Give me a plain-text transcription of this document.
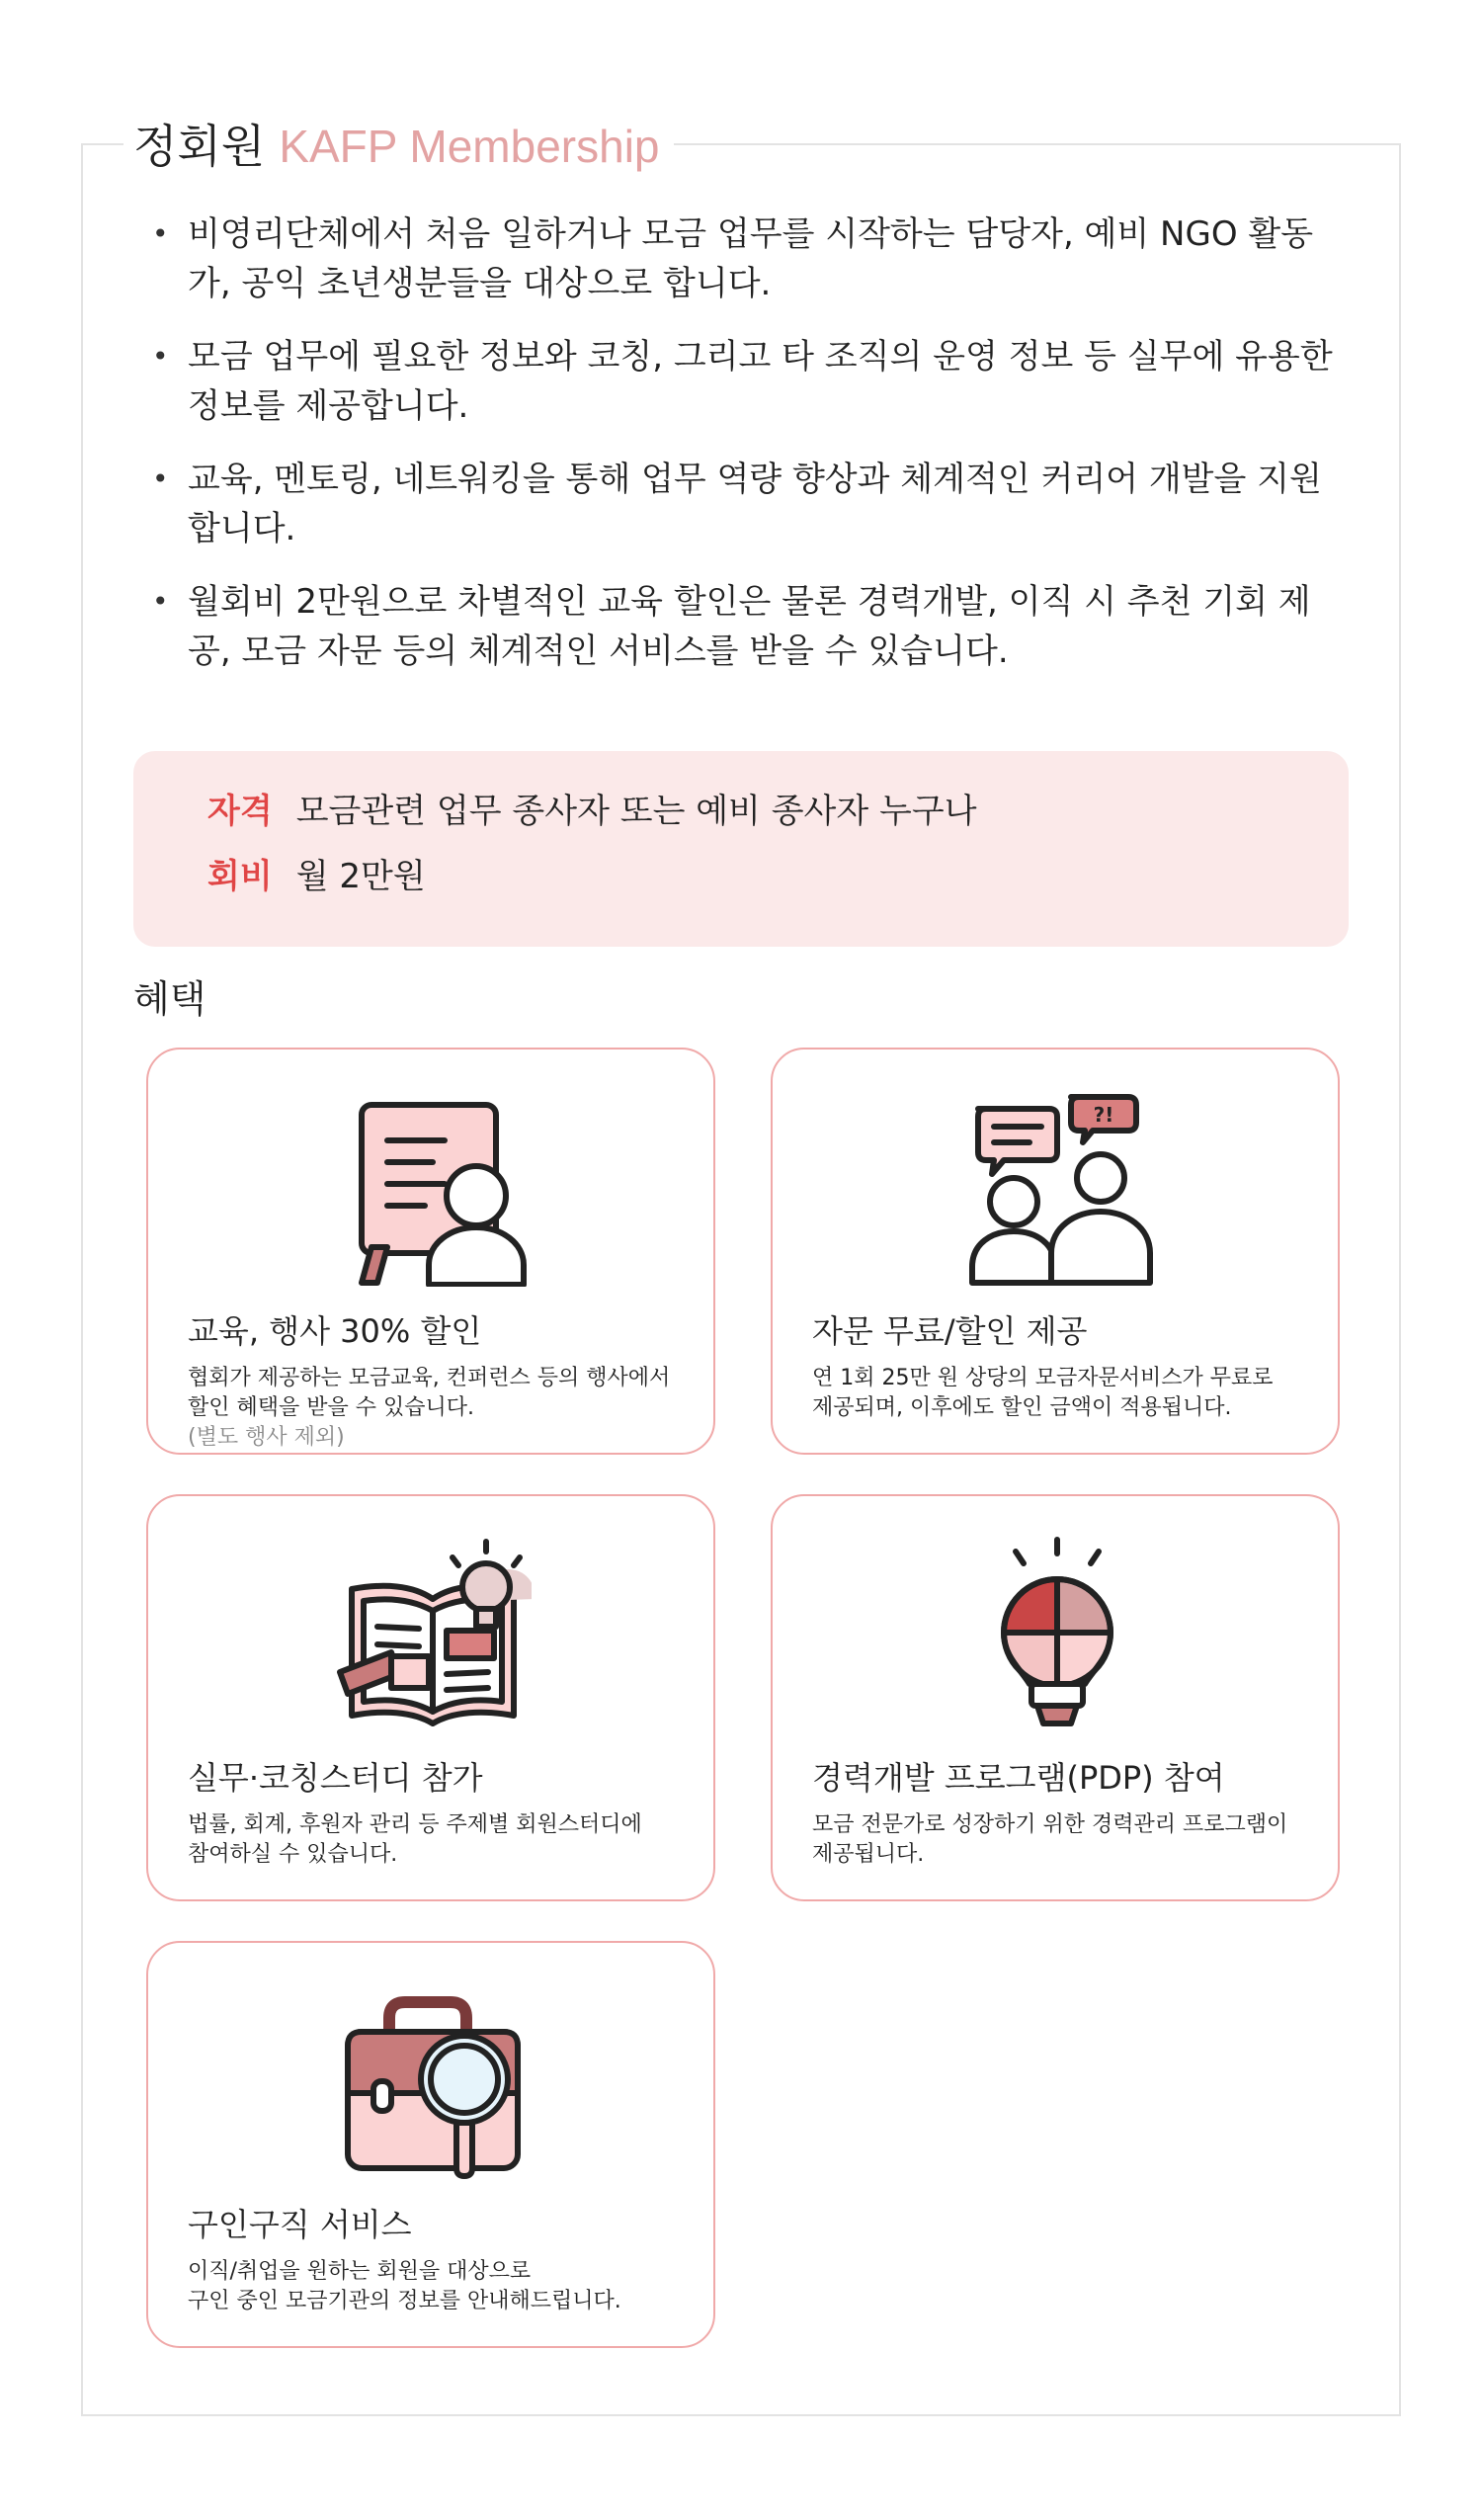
정회원 KAFP Membership
• 비영리단체에서 처음 일하거나 모금 업무를 시작하는 담당자, 예비 NGO 활동가, 공익 초년생분들을 대상으로 합니다.
• 모금 업무에 필요한 정보와 코칭, 그리고 타 조직의 운영 정보 등 실무에 유용한 정보를 제공합니다.
• 교육, 멘토링, 네트워킹을 통해 업무 역량 향상과 체계적인 커리어 개발을 지원합니다.
• 월회비 2만원으로 차별적인 교육 할인은 물론 경력개발, 이직 시 추천 기회 제공, 모금 자문 등의 체계적인 서비스를 받을 수 있습니다.
자격 모금관련 업무 종사자 또는 예비 종사자 누구나
회비 월 2만원
혜택
교육, 행사 30% 할인
협회가 제공하는 모금교육, 컨퍼런스 등의 행사에서
할인 혜택을 받을 수 있습니다.
(별도 행사 제외)
?!
자문 무료/할인 제공
연 1회 25만 원 상당의 모금자문서비스가 무료로
제공되며, 이후에도 할인 금액이 적용됩니다.
실무·코칭스터디 참가
법률, 회계, 후원자 관리 등 주제별 회원스터디에
참여하실 수 있습니다.
경력개발 프로그램(PDP) 참여
모금 전문가로 성장하기 위한 경력관리 프로그램이
제공됩니다.
구인구직 서비스
이직/취업을 원하는 회원을 대상으로
구인 중인 모금기관의 정보를 안내해드립니다.
